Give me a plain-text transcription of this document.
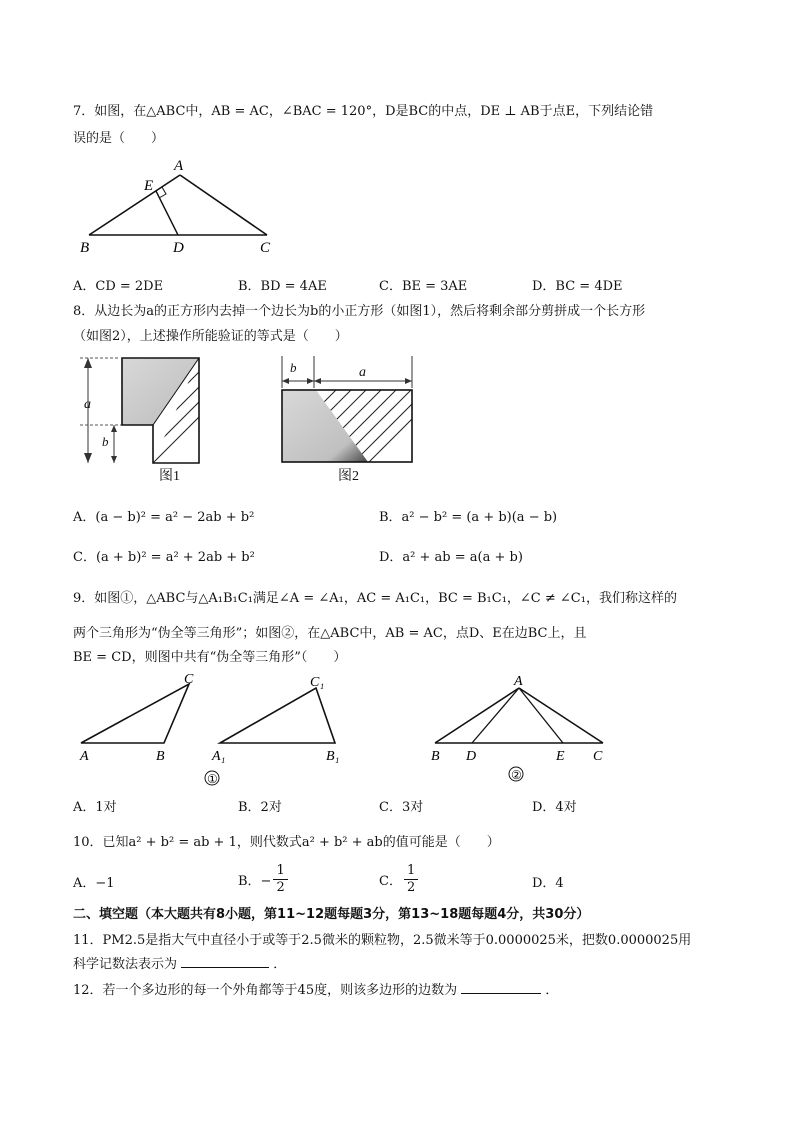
7．如图，在△ABC中，AB = AC，∠BAC = 120°，D是BC的中点，DE ⊥ AB于点E，下列结论错
误的是（　　）
A
E
B	D	C
A．CD = 2DE	B．BD = 4AE	C．BE = 3AE	D．BC = 4DE
8．从边长为a的正方形内去掉一个边长为b的小正方形（如图1），然后将剩余部分剪拼成一个长方形
（如图2），上述操作所能验证的等式是（　　）
a
b
图1
b	a
图2
A．(a − b)² = a² − 2ab + b²	B．a² − b² = (a + b)(a − b)
C．(a + b)² = a² + 2ab + b²	D．a² + ab = a(a + b)
9．如图①，△ABC与△A₁B₁C₁满足∠A = ∠A₁，AC = A₁C₁，BC = B₁C₁，∠C ≠ ∠C₁，我们称这样的
两个三角形为“伪全等三角形”；如图②，在△ABC中，AB = AC，点D、E在边BC上，且
BE = CD，则图中共有“伪全等三角形”（　　）
A	B
C
A₁	B₁
C₁
①
A
B D	E C
②
A．1对	B．2对	C．3对	D．4对
10．已知a² + b² = ab + 1，则代数式a² + b² + ab的值可能是（　　）
A．−1	B．− $\frac{1}{2}$	C． $\frac{1}{2}$	D．4
二、填空题（本大题共有8小题，第11~12题每题3分，第13~18题每题4分，共30分）
11．PM2.5是指大气中直径小于或等于2.5微米的颗粒物，2.5微米等于0.0000025米，把数0.0000025用
科学记数法表示为	．
12．若一个多边形的每一个外角都等于45度，则该多边形的边数为	．
